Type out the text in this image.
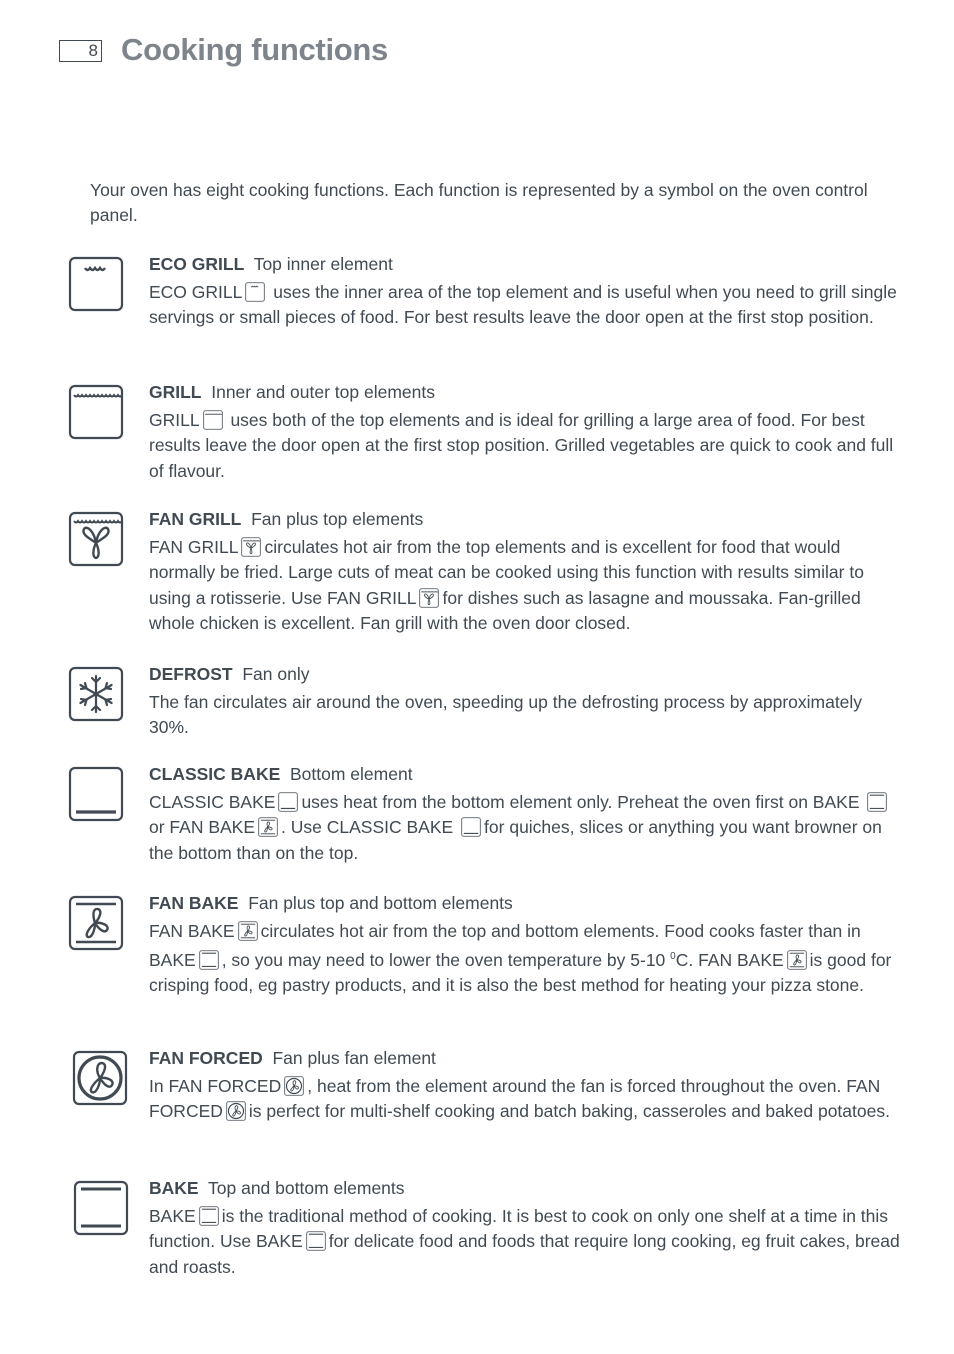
8 Cooking functions

Your oven has eight cooking functions. Each function is represented by a symbol on the oven control panel.

ECO GRILL Top inner element

ECO GRILL uses the inner area of the top element and is useful when you need to grill single servings or small pieces of food. For best results leave the door open at the first stop position.

GRILL Inner and outer top elements

GRILL uses both of the top elements and is ideal for grilling a large area of food. For best results leave the door open at the first stop position. Grilled vegetables are quick to cook and full of flavour.

FAN GRILL Fan plus top elements

FAN GRILL circulates hot air from the top elements and is excellent for food that would normally be fried. Large cuts of meat can be cooked using this function with results similar to using a rotisserie. Use FAN GRILL for dishes such as lasagne and moussaka. Fan-grilled whole chicken is excellent. Fan grill with the oven door closed.

DEFROST Fan only

The fan circulates air around the oven, speeding up the defrosting process by approximately 30%.

CLASSIC BAKE Bottom element

CLASSIC BAKE uses heat from the bottom element only. Preheat the oven first on BAKE  or FAN BAKE . Use CLASSIC BAKE for quiches, slices or anything you want browner on the bottom than on the top.

FAN BAKE Fan plus top and bottom elements

FAN BAKE circulates hot air from the top and bottom elements. Food cooks faster than in BAKE , so you may need to lower the oven temperature by 5-10 $^0$C. FAN BAKE is good for crisping food, eg pastry products, and it is also the best method for heating your pizza stone.

FAN FORCED Fan plus fan element

In FAN FORCED , heat from the element around the fan is forced throughout the oven. FAN FORCED is perfect for multi-shelf cooking and batch baking, casseroles and baked potatoes.

BAKE Top and bottom elements

BAKE is the traditional method of cooking. It is best to cook on only one shelf at a time in this function. Use BAKE for delicate food and foods that require long cooking, eg fruit cakes, bread and roasts.
